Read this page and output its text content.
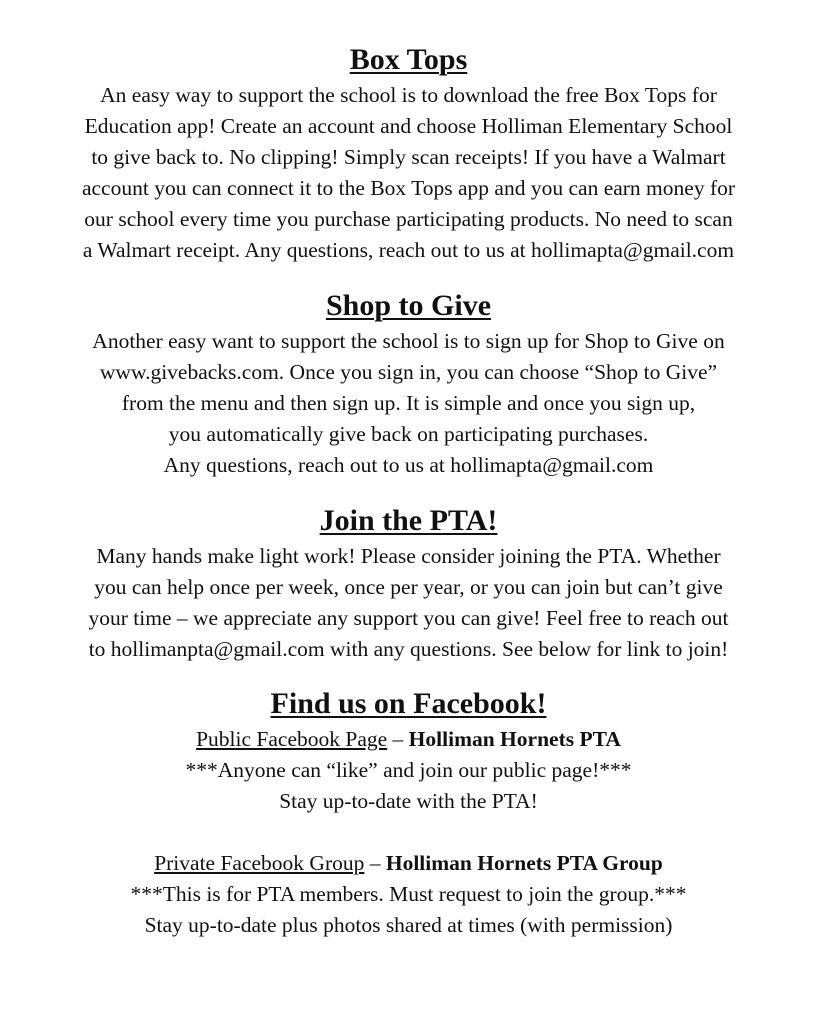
Box Tops
An easy way to support the school is to download the free Box Tops for
Education app! Create an account and choose Holliman Elementary School
to give back to. No clipping! Simply scan receipts! If you have a Walmart
account you can connect it to the Box Tops app and you can earn money for
our school every time you purchase participating products. No need to scan
a Walmart receipt. Any questions, reach out to us at hollimapta@gmail.com
Shop to Give
Another easy want to support the school is to sign up for Shop to Give on
www.givebacks.com. Once you sign in, you can choose “Shop to Give”
from the menu and then sign up. It is simple and once you sign up,
you automatically give back on participating purchases.
Any questions, reach out to us at hollimapta@gmail.com
Join the PTA!
Many hands make light work! Please consider joining the PTA. Whether
you can help once per week, once per year, or you can join but can’t give
your time – we appreciate any support you can give! Feel free to reach out
to hollimanpta@gmail.com with any questions. See below for link to join!
Find us on Facebook!
Public Facebook Page – Holliman Hornets PTA
***Anyone can “like” and join our public page!***
Stay up-to-date with the PTA!
Private Facebook Group – Holliman Hornets PTA Group
***This is for PTA members. Must request to join the group.***
Stay up-to-date plus photos shared at times (with permission)
